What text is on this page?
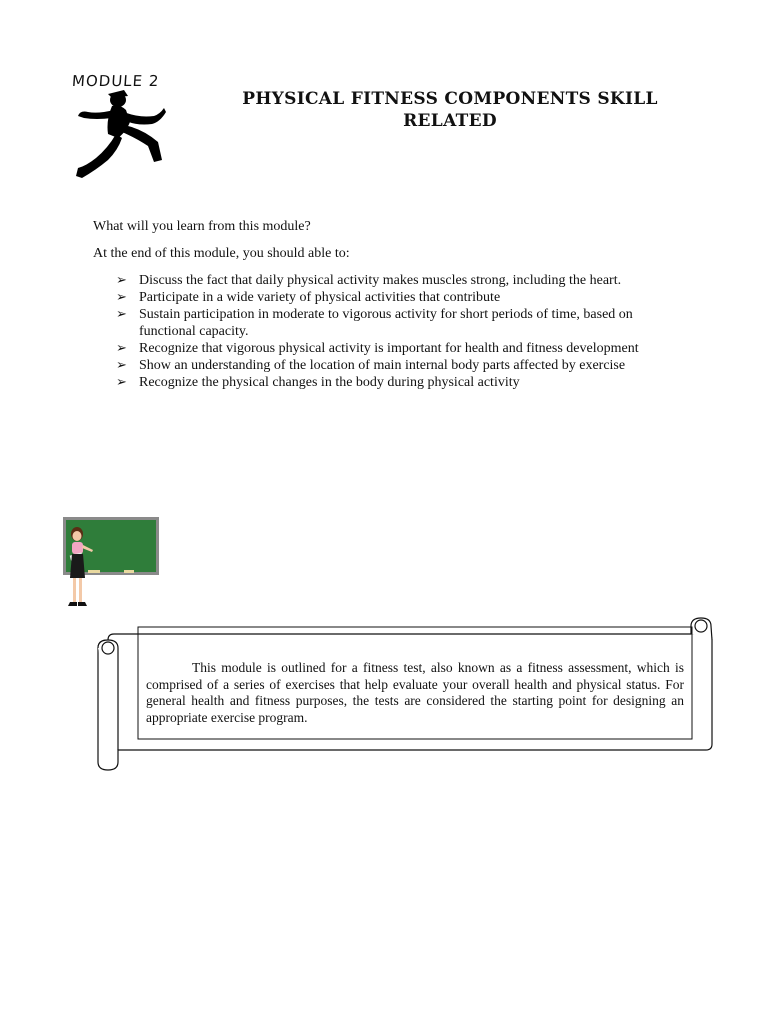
MODULE 2
PHYSICAL FITNESS COMPONENTS SKILL RELATED
What will you learn from this module?
At the end of this module, you should able to:
➢ Discuss the fact that daily physical activity makes muscles strong, including the heart.
➢ Participate in a wide variety of physical activities that contribute
➢ Sustain participation in moderate to vigorous activity for short periods of time, based on functional capacity.
➢ Recognize that vigorous physical activity is important for health and fitness development
➢ Show an understanding of the location of main internal body parts affected by exercise
➢ Recognize the physical changes in the body during physical activity
This module is outlined for a fitness test, also known as a fitness assessment, which is comprised of a series of exercises that help evaluate your overall health and physical status. For general health and fitness purposes, the tests are considered the starting point for designing an appropriate exercise program.
